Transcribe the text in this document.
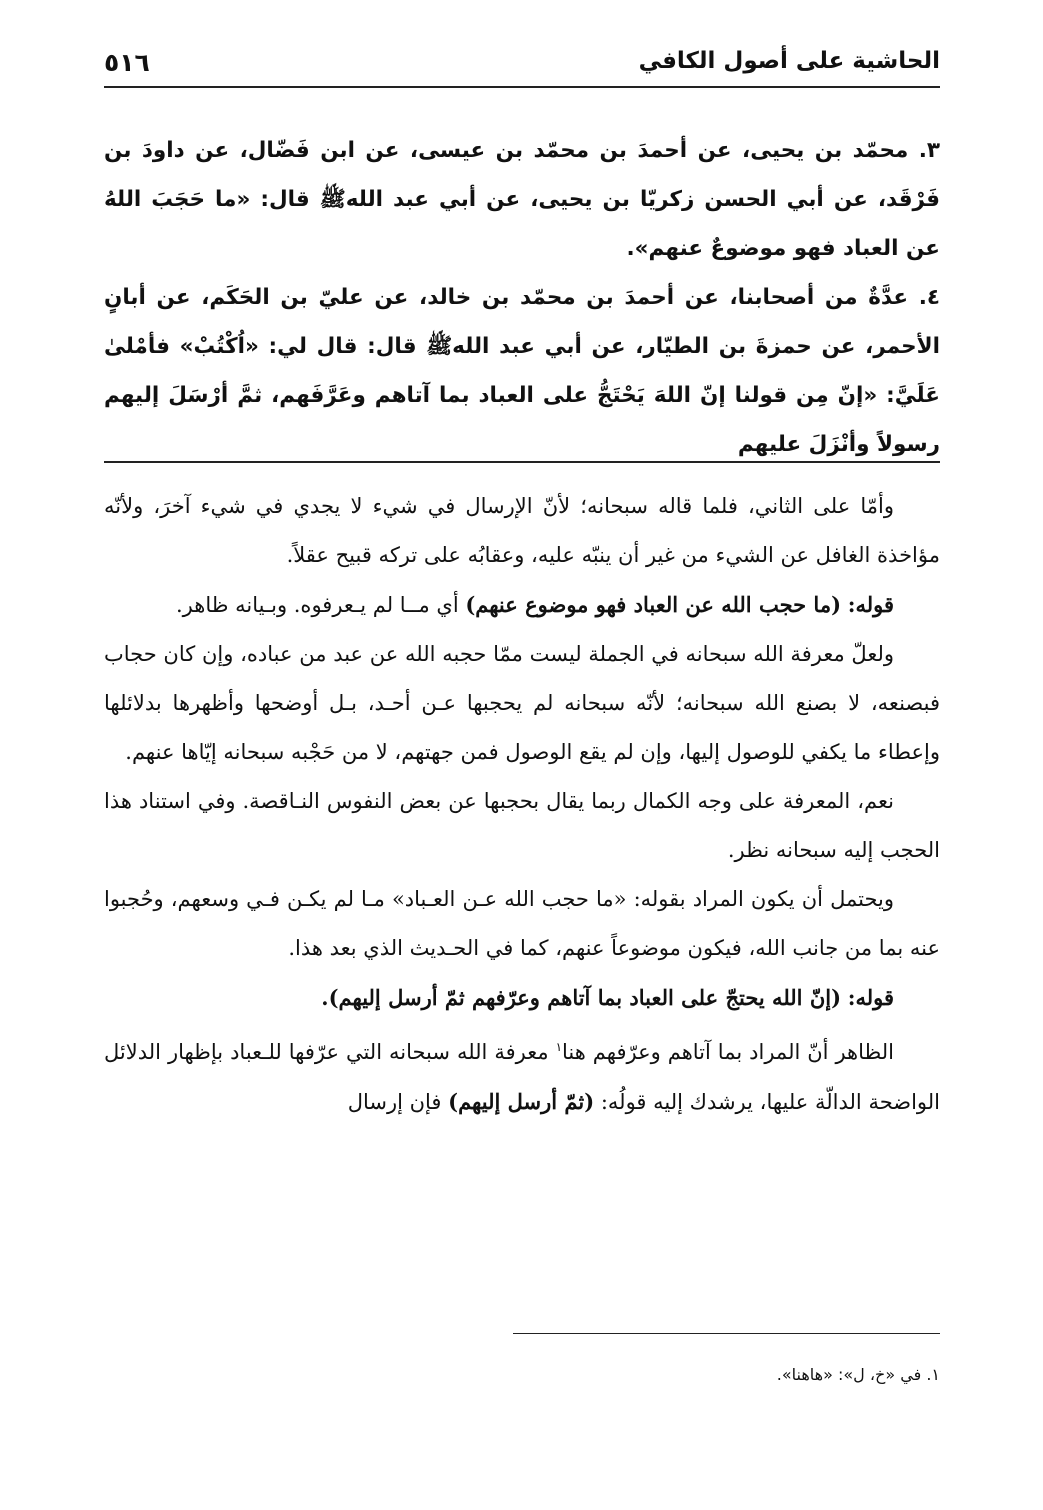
٥١٦	الحاشية على أصول الكافي

٣. محمّد بن يحيى، عن أحمدَ بن محمّد بن عيسى، عن ابن فَضّال، عن داودَ بن فَرْقَد، عن أبي الحسن زكريّا بن يحيى، عن أبي عبد اللهﷺ قال: «ما حَجَبَ اللهُ عن العباد فهو موضوعٌ عنهم».

٤. عدَّةٌ من أصحابنا، عن أحمدَ بن محمّد بن خالد، عن عليّ بن الحَكَم، عن أبانٍ الأحمر، عن حمزةَ بن الطيّار، عن أبي عبد اللهﷺ قال: قال لي: «اُكْتُبْ» فأمْلىٰ عَلَيَّ: «إنّ مِن قولنا إنّ اللهَ يَحْتَجُّ على العباد بما آتاهم وعَرَّفَهم، ثمَّ أرْسَلَ إليهم رسولاً وأنْزَلَ عليهم

وأمّا على الثاني، فلما قاله سبحانه؛ لأنّ الإرسال في شيء لا يجدي في شيء آخرَ، ولأنّه مؤاخذة الغافل عن الشيء من غير أن ينبّه عليه، وعقابُه على تركه قبيح عقلاً.

قوله: (ما حجب الله عن العباد فهو موضوع عنهم) أي مــا لم يـعرفوه. وبـيانه ظاهر.

ولعلّ معرفة الله سبحانه في الجملة ليست ممّا حجبه الله عن عبد من عباده، وإن كان حجاب فبصنعه، لا بصنع الله سبحانه؛ لأنّه سبحانه لم يحجبها عـن أحـد، بـل أوضحها وأظهرها بدلائلها وإعطاء ما يكفي للوصول إليها، وإن لم يقع الوصول فمن جهتهم، لا من حَجْبه سبحانه إيّاها عنهم.

نعم، المعرفة على وجه الكمال ربما يقال بحجبها عن بعض النفوس النـاقصة. وفي استناد هذا الحجب إليه سبحانه نظر.

ويحتمل أن يكون المراد بقوله: «ما حجب الله عـن العـباد» مـا لم يكـن فـي وسعهم، وحُجبوا عنه بما من جانب الله، فيكون موضوعاً عنهم، كما في الحـديث الذي بعد هذا.

قوله: (إنّ الله يحتجّ على العباد بما آتاهم وعرّفهم ثمّ أرسل إليهم).

الظاهر أنّ المراد بما آتاهم وعرّفهم هنا$^١$ معرفة الله سبحانه التي عرّفها للـعباد بإظهار الدلائل الواضحة الدالّة عليها، يرشدك إليه قولُه: (ثمّ أرسل إليهم) فإن إرسال

١. في «خ، ل»: «هاهنا».
